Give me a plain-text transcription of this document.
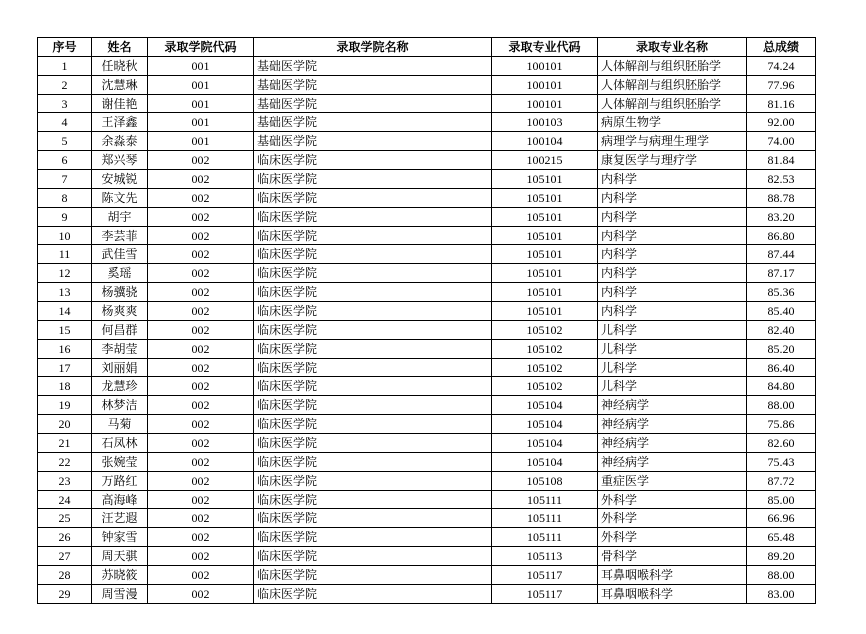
序号	姓名	录取学院代码	录取学院名称	录取专业代码	录取专业名称	总成绩
1	任晓秋	001	基础医学院	100101	人体解剖与组织胚胎学	74.24
2	沈慧琳	001	基础医学院	100101	人体解剖与组织胚胎学	77.96
3	谢佳艳	001	基础医学院	100101	人体解剖与组织胚胎学	81.16
4	王泽鑫	001	基础医学院	100103	病原生物学	92.00
5	余淼泰	001	基础医学院	100104	病理学与病理生理学	74.00
6	郑兴琴	002	临床医学院	100215	康复医学与理疗学	81.84
7	安城锐	002	临床医学院	105101	内科学	82.53
8	陈文先	002	临床医学院	105101	内科学	88.78
9	胡宇	002	临床医学院	105101	内科学	83.20
10	李芸菲	002	临床医学院	105101	内科学	86.80
11	武佳雪	002	临床医学院	105101	内科学	87.44
12	奚瑶	002	临床医学院	105101	内科学	87.17
13	杨骥骁	002	临床医学院	105101	内科学	85.36
14	杨爽爽	002	临床医学院	105101	内科学	85.40
15	何昌群	002	临床医学院	105102	儿科学	82.40
16	李胡莹	002	临床医学院	105102	儿科学	85.20
17	刘丽娟	002	临床医学院	105102	儿科学	86.40
18	龙慧珍	002	临床医学院	105102	儿科学	84.80
19	林梦洁	002	临床医学院	105104	神经病学	88.00
20	马菊	002	临床医学院	105104	神经病学	75.86
21	石凤林	002	临床医学院	105104	神经病学	82.60
22	张婉莹	002	临床医学院	105104	神经病学	75.43
23	万路红	002	临床医学院	105108	重症医学	87.72
24	高海峰	002	临床医学院	105111	外科学	85.00
25	汪艺遐	002	临床医学院	105111	外科学	66.96
26	钟家雪	002	临床医学院	105111	外科学	65.48
27	周天骐	002	临床医学院	105113	骨科学	89.20
28	苏晓筱	002	临床医学院	105117	耳鼻咽喉科学	88.00
29	周雪漫	002	临床医学院	105117	耳鼻咽喉科学	83.00
